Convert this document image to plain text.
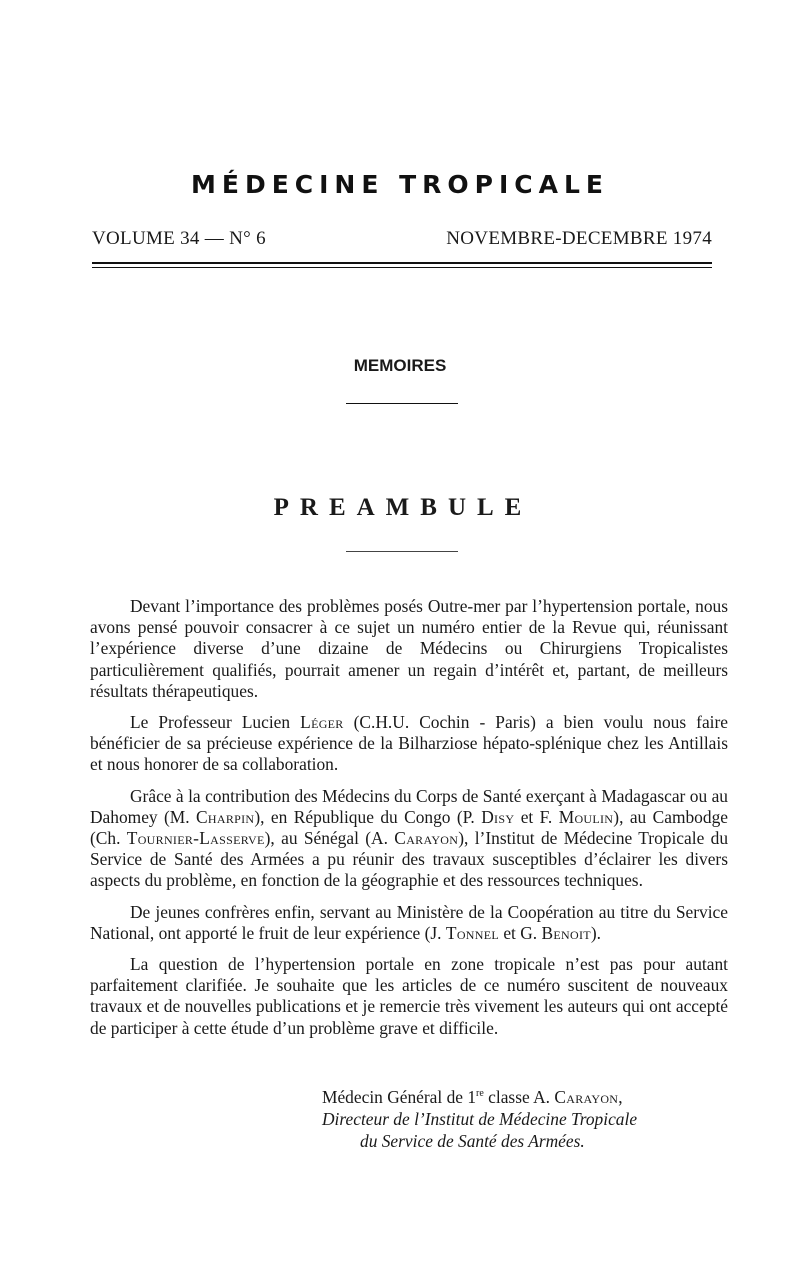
MÉDECINE TROPICALE
VOLUME 34 — N° 6	NOVEMBRE-DECEMBRE 1974
MEMOIRES
PREAMBULE

Devant l’importance des problèmes posés Outre-mer par l’hypertension portale, nous avons pensé pouvoir consacrer à ce sujet un numéro entier de la Revue qui, réunissant l’expérience diverse d’une dizaine de Médecins ou Chirurgiens Tropicalistes particulièrement qualifiés, pourrait amener un regain d’intérêt et, partant, de meilleurs résultats thérapeutiques.

Le Professeur Lucien Léger (C.H.U. Cochin - Paris) a bien voulu nous faire bénéficier de sa précieuse expérience de la Bilharziose hépato-splénique chez les Antillais et nous honorer de sa collaboration.

Grâce à la contribution des Médecins du Corps de Santé exerçant à Madagascar ou au Dahomey (M. Charpin), en République du Congo (P. Disy et F. Moulin), au Cambodge (Ch. Tournier-Lasserve), au Sénégal (A. Carayon), l’Institut de Médecine Tropicale du Service de Santé des Armées a pu réunir des travaux susceptibles d’éclairer les divers aspects du problème, en fonction de la géographie et des ressources techniques.

De jeunes confrères enfin, servant au Ministère de la Coopération au titre du Service National, ont apporté le fruit de leur expérience (J. Tonnel et G. Benoit).

La question de l’hypertension portale en zone tropicale n’est pas pour autant parfaitement clarifiée. Je souhaite que les articles de ce numéro suscitent de nouveaux travaux et de nouvelles publications et je remercie très vivement les auteurs qui ont accepté de participer à cette étude d’un problème grave et difficile.

Médecin Général de 1re classe A. Carayon,
Directeur de l’Institut de Médecine Tropicale
du Service de Santé des Armées.
